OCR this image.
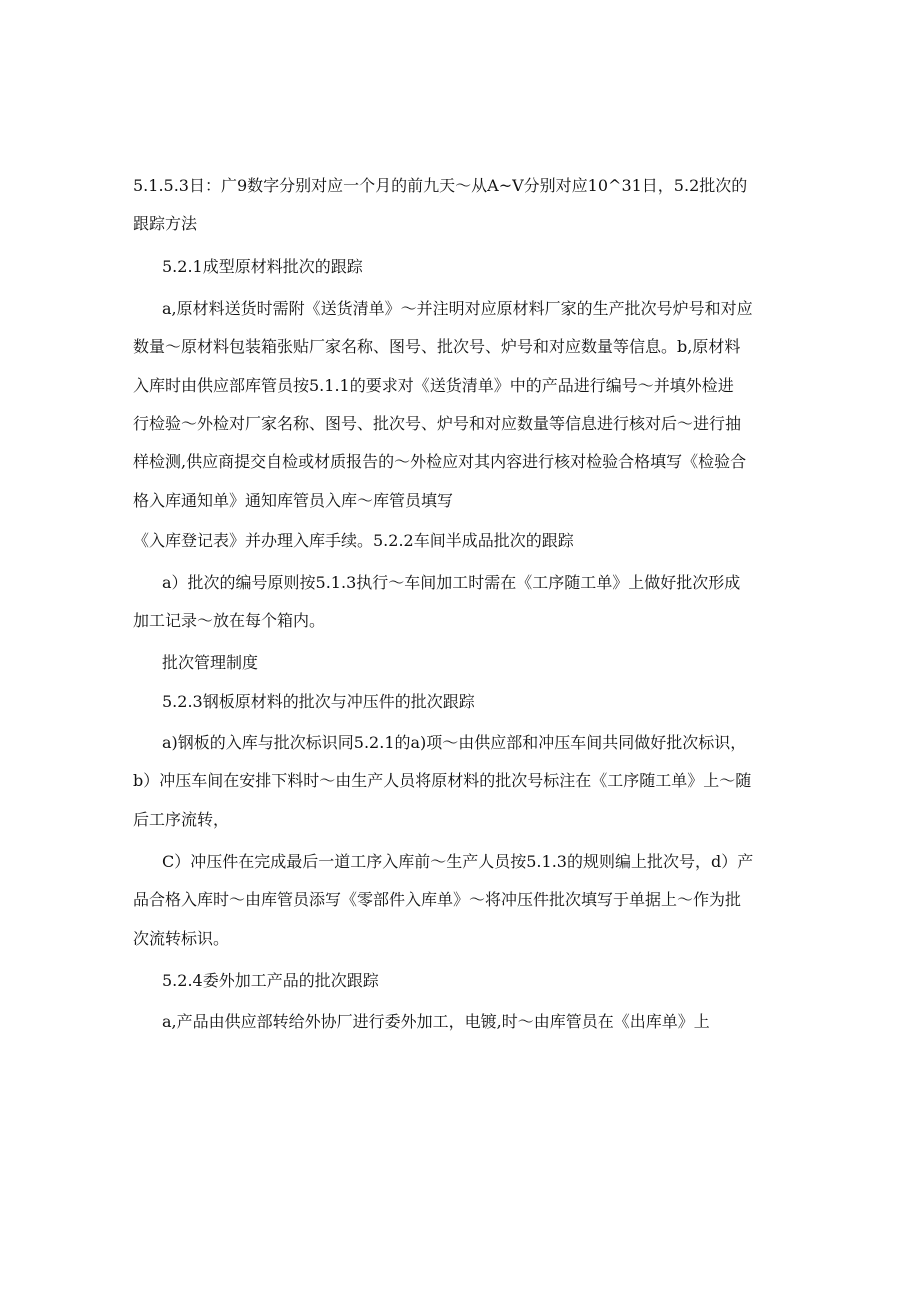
5.1.5.3日：广9数字分别对应一个月的前九天～从A~V分别对应10^31日，5.2批次的
跟踪方法
5.2.1成型原材料批次的跟踪
a,原材料送货时需附《送货清单》～并注明对应原材料厂家的生产批次号炉号和对应
数量～原材料包装箱张贴厂家名称、图号、批次号、炉号和对应数量等信息。b,原材料
入库时由供应部库管员按5.1.1的要求对《送货清单》中的产品进行编号～并填外检进
行检验～外检对厂家名称、图号、批次号、炉号和对应数量等信息进行核对后～进行抽
样检测,供应商提交自检或材质报告的～外检应对其内容进行核对检验合格填写《检验合
格入库通知单》通知库管员入库～库管员填写
《入库登记表》并办理入库手续。5.2.2车间半成品批次的跟踪
a）批次的编号原则按5.1.3执行～车间加工时需在《工序随工单》上做好批次形成
加工记录～放在每个箱内。
批次管理制度
5.2.3钢板原材料的批次与冲压件的批次跟踪
a)钢板的入库与批次标识同5.2.1的a)项～由供应部和冲压车间共同做好批次标识，
b）冲压车间在安排下料时～由生产人员将原材料的批次号标注在《工序随工单》上～随
后工序流转，
C）冲压件在完成最后一道工序入库前～生产人员按5.1.3的规则编上批次号，d）产
品合格入库时～由库管员添写《零部件入库单》～将冲压件批次填写于单据上～作为批
次流转标识。
5.2.4委外加工产品的批次跟踪
a,产品由供应部转给外协厂进行委外加工，电镀,时～由库管员在《出库单》上
